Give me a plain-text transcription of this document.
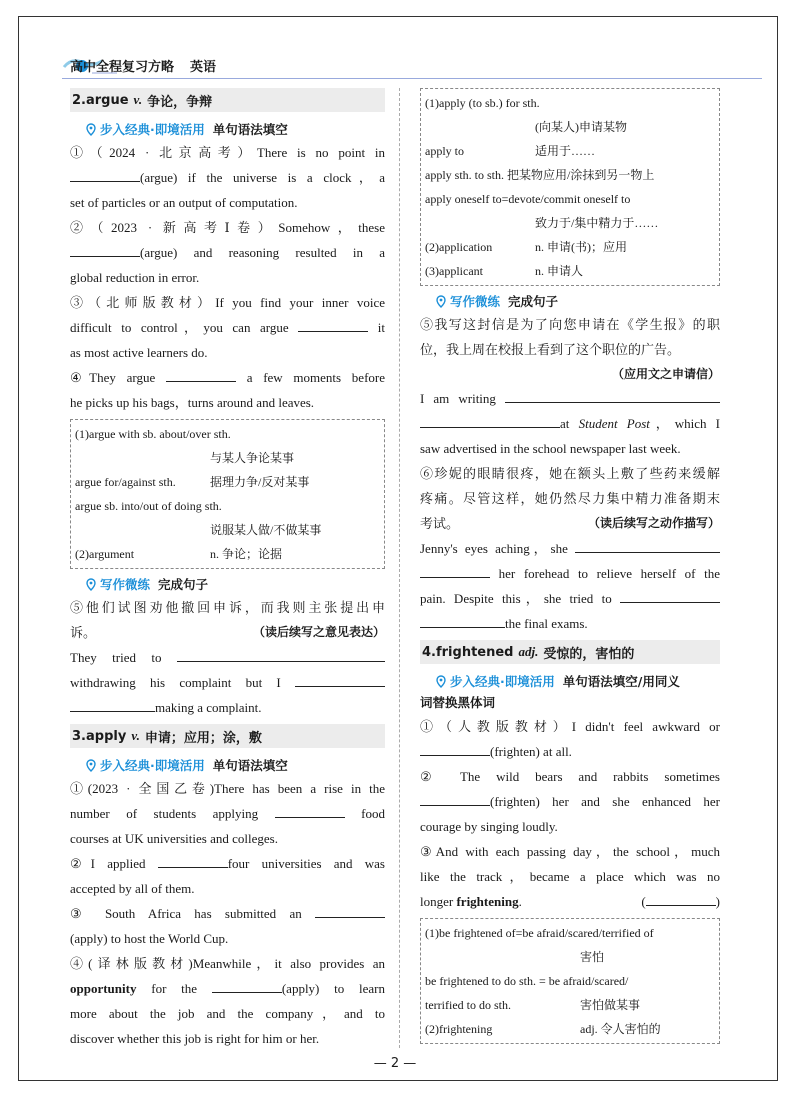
高中全程复习方略 英语
2. argue v. 争论，争辩
步入经典·即境活用 单句语法填空

①（2024 · 北京高考）There is no point in

(argue) if the universe is a clock，a

set of particles or an output of computation.

②（2023 · 新高考Ⅰ卷）Somehow，these

(argue) and reasoning resulted in a

global reduction in error.

③（北师版教材）If you find your inner voice

difficult to control，you can argue	it

as most active learners do.

④They argue	a few moments before

he picks up his bags，turns around and leaves.

(1)argue with sb. about/over sth.
与某人争论某事
argue for/against sth.	据理力争/反对某事
argue sb. into/out of doing sth.
说服某人做/不做某事
(2)argument	n. 争论；论据
写作微练 完成句子

⑤他们试图劝他撤回申诉，而我则主张提出申

诉。	（读后续写之意见表达）

They tried to

withdrawing his complaint but I

making a complaint.

3. apply v. 申请；应用；涂，敷
步入经典·即境活用 单句语法填空

①(2023 · 全国乙卷)There has been a rise in the

number of students applying	food

courses at UK universities and colleges.

②I applied	four universities and was

accepted by all of them.

③ South Africa has submitted an

(apply) to host the World Cup.

④(译林版教材)Meanwhile，it also provides an

opportunity for the	(apply) to learn

more about the job and the company，and to

discover whether this job is right for him or her.

(1)apply (to sb.) for sth.
(向某人)申请某物
apply to	适用于……
apply sth. to sth. 把某物应用/涂抹到另一物上
apply oneself to=devote/commit oneself to
致力于/集中精力于……
(2)application	n. 申请(书)；应用
(3)applicant	n. 申请人
写作微练 完成句子

⑤我写这封信是为了向您申请在《学生报》的职

位，我上周在校报上看到了这个职位的广告。

（应用文之申请信）

I am writing

at Student Post，which I

saw advertised in the school newspaper last week.

⑥珍妮的眼睛很疼，她在额头上敷了些药来缓解

疼痛。尽管这样，她仍然尽力集中精力准备期末

考试。	（读后续写之动作描写）

Jenny's eyes aching，she

her forehead to relieve herself of the

pain. Despite this，she tried to

the final exams.

4. frightened adj. 受惊的，害怕的
步入经典·即境活用 单句语法填空/用同义
词替换黑体词

①（人教版教材）I didn't feel awkward or

(frighten) at all.

② The wild bears and rabbits sometimes

(frighten) her and she enhanced her

courage by singing loudly.

③And with each passing day，the school，much

like the track，became a place which was no

longer frightening.	(	)

(1)be frightened of=be afraid/scared/terrified of
害怕
be frightened to do sth. = be afraid/scared/
terrified to do sth.	害怕做某事
(2)frightening	adj. 令人害怕的
— 2 —
